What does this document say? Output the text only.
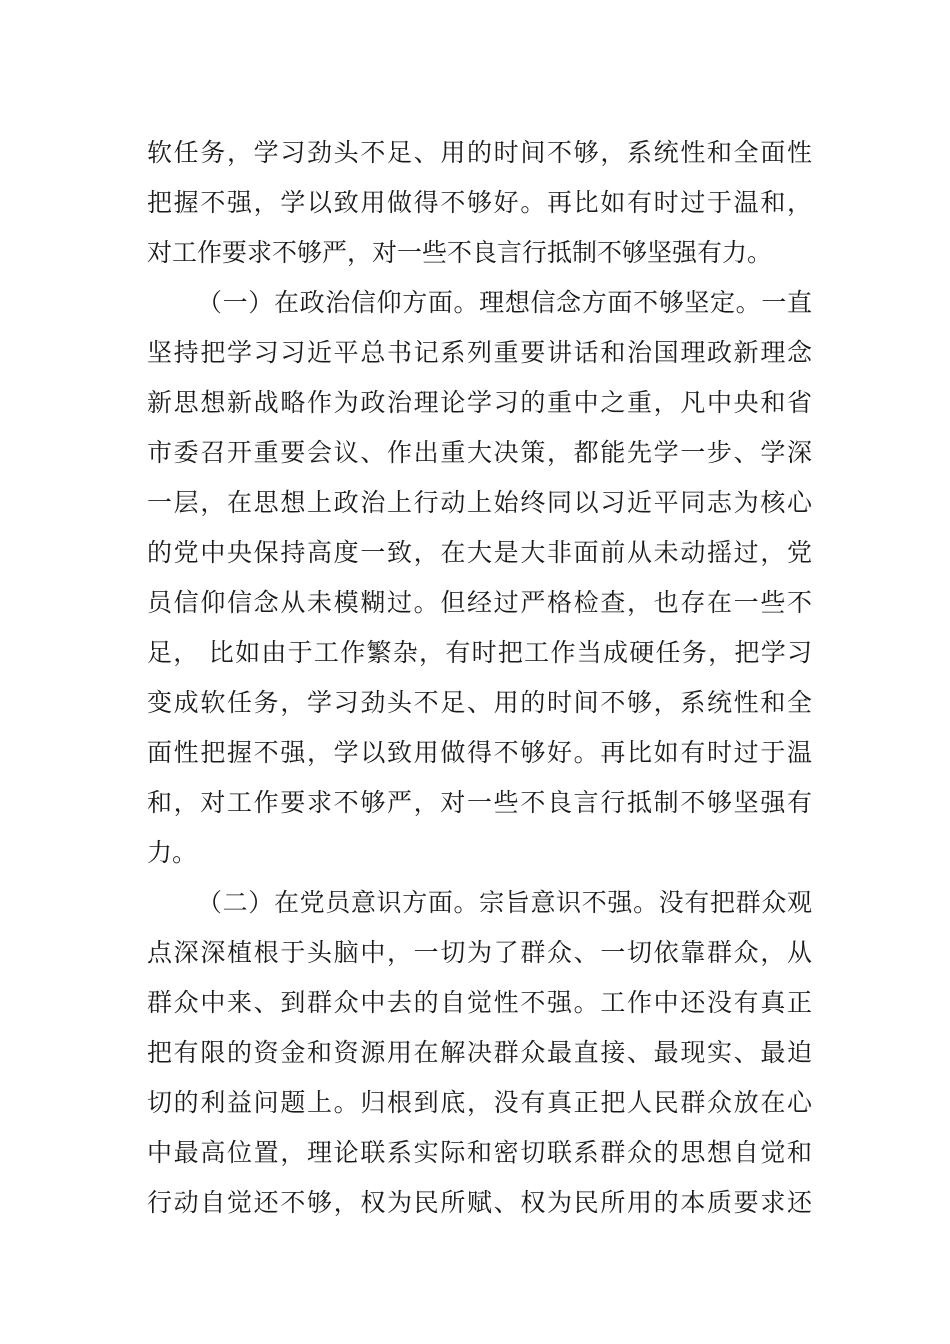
软任务，学习劲头不足、用的时间不够，系统性和全面性
把握不强，学以致用做得不够好。再比如有时过于温和，
对工作要求不够严，对一些不良言行抵制不够坚强有力。
（一）在政治信仰方面。理想信念方面不够坚定。一直
坚持把学习习近平总书记系列重要讲话和治国理政新理念
新思想新战略作为政治理论学习的重中之重，凡中央和省
市委召开重要会议、作出重大决策，都能先学一步、学深
一层，在思想上政治上行动上始终同以习近平同志为核心
的党中央保持高度一致，在大是大非面前从未动摇过，党
员信仰信念从未模糊过。但经过严格检查，也存在一些不
足， 比如由于工作繁杂，有时把工作当成硬任务，把学习
变成软任务，学习劲头不足、用的时间不够，系统性和全
面性把握不强，学以致用做得不够好。再比如有时过于温
和，对工作要求不够严，对一些不良言行抵制不够坚强有
力。
（二）在党员意识方面。宗旨意识不强。没有把群众观
点深深植根于头脑中，一切为了群众、一切依靠群众，从
群众中来、到群众中去的自觉性不强。工作中还没有真正
把有限的资金和资源用在解决群众最直接、最现实、最迫
切的利益问题上。归根到底，没有真正把人民群众放在心
中最高位置，理论联系实际和密切联系群众的思想自觉和
行动自觉还不够，权为民所赋、权为民所用的本质要求还
